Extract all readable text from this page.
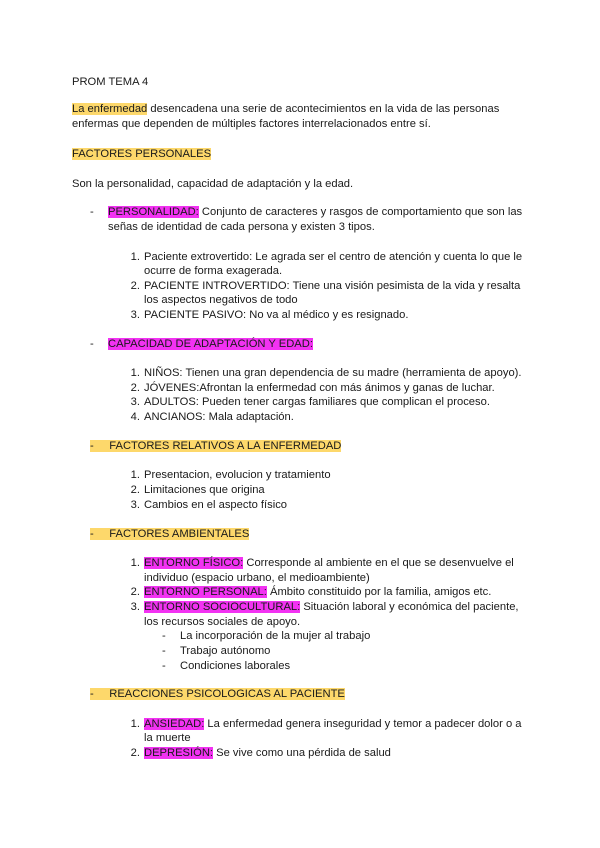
PROM TEMA 4
La enfermedad desencadena una serie de acontecimientos en la vida de las personas
enfermas que dependen de múltiples factores interrelacionados entre sí.
FACTORES PERSONALES
Son la personalidad, capacidad de adaptación y la edad.
- PERSONALIDAD: Conjunto de caracteres y rasgos de comportamiento que son las
señas de identidad de cada persona y existen 3 tipos.
1. Paciente extrovertido: Le agrada ser el centro de atención y cuenta lo que le
ocurre de forma exagerada.
2. PACIENTE INTROVERTIDO: Tiene una visión pesimista de la vida y resalta
los aspectos negativos de todo
3. PACIENTE PASIVO: No va al médico y es resignado.
- CAPACIDAD DE ADAPTACIÓN Y EDAD:
1. NIÑOS: Tienen una gran dependencia de su madre (herramienta de apoyo).
2. JÓVENES:Afrontan la enfermedad con más ánimos y ganas de luchar.
3. ADULTOS: Pueden tener cargas familiares que complican el proceso.
4. ANCIANOS: Mala adaptación.
-     FACTORES RELATIVOS A LA ENFERMEDAD
1. Presentacion, evolucion y tratamiento
2. Limitaciones que origina
3. Cambios en el aspecto físico
-     FACTORES AMBIENTALES
1. ENTORNO FÍSICO: Corresponde al ambiente en el que se desenvuelve el
individuo (espacio urbano, el medioambiente)
2. ENTORNO PERSONAL: Ámbito constituido por la familia, amigos etc.
3. ENTORNO SOCIOCULTURAL: Situación laboral y económica del paciente,
los recursos sociales de apoyo.
- La incorporación de la mujer al trabajo
- Trabajo autónomo
- Condiciones laborales
-     REACCIONES PSICOLOGICAS AL PACIENTE
1. ANSIEDAD: La enfermedad genera inseguridad y temor a padecer dolor o a
la muerte
2. DEPRESIÓN: Se vive como una pérdida de salud
